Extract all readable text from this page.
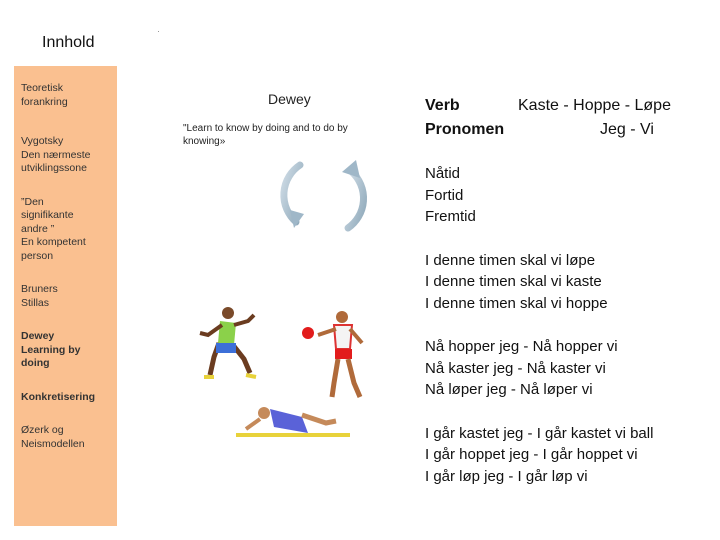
Innhold
Teoretisk
forankring
Vygotsky
Den nærmeste
utviklingssone
”Den
signifikante
andre ”
En kompetent
person
Bruners
Stillas
Dewey
Learning by
doing
Konkretisering
Øzerk og
Neismodellen
Dewey
"Learn to know by doing and to do by knowing»
Verb	Kaste - Hoppe - Løpe
Pronomen	Jeg - Vi
Nåtid
Fortid
Fremtid
I denne timen skal vi løpe
I denne timen skal vi kaste
I denne timen skal vi hoppe
Nå hopper jeg - Nå hopper vi
Nå kaster jeg - Nå kaster vi
Nå løper jeg - Nå løper vi
I går kastet jeg - I går kastet vi ball
I går hoppet jeg - I går hoppet vi
I går løp jeg - I går løp vi
